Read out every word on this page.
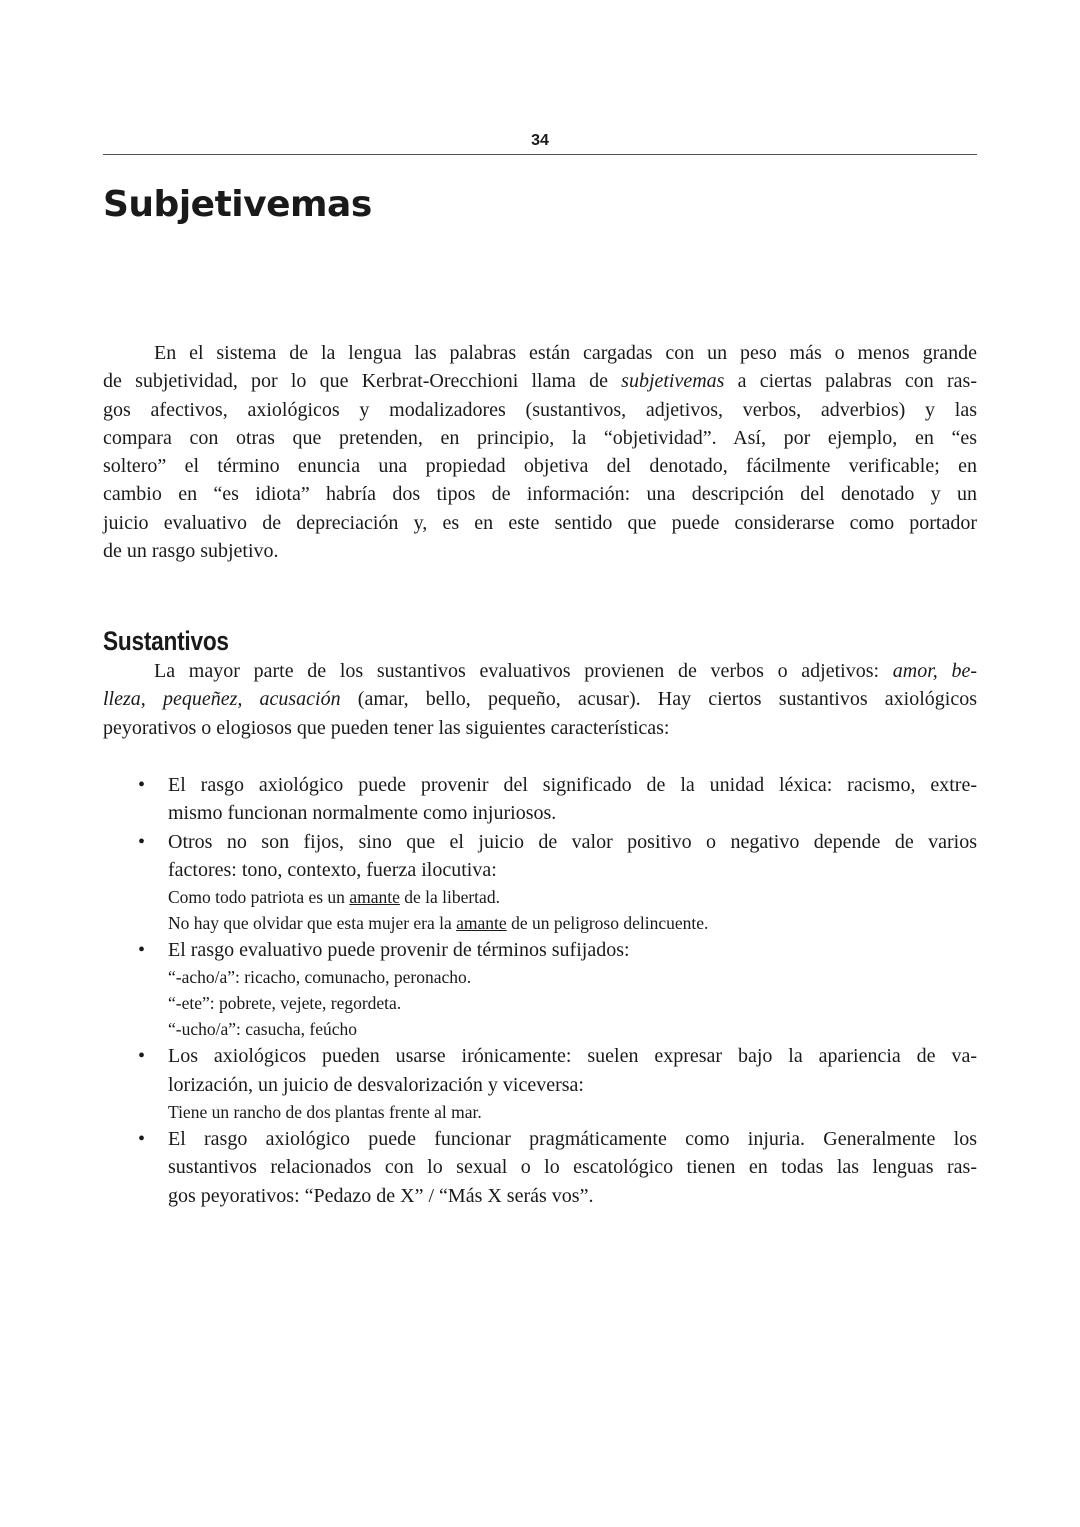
34
Subjetivemas
En el sistema de la lengua las palabras están cargadas con un peso más o menos grande
de subjetividad, por lo que Kerbrat-Orecchioni llama de subjetivemas a ciertas palabras con ras-
gos afectivos, axiológicos y modalizadores (sustantivos, adjetivos, verbos, adverbios) y las
compara con otras que pretenden, en principio, la “objetividad”. Así, por ejemplo, en “es
soltero” el término enuncia una propiedad objetiva del denotado, fácilmente verificable; en
cambio en “es idiota” habría dos tipos de información: una descripción del denotado y un
juicio evaluativo de depreciación y, es en este sentido que puede considerarse como portador
de un rasgo subjetivo.
Sustantivos
La mayor parte de los sustantivos evaluativos provienen de verbos o adjetivos: amor, be-
lleza, pequeñez, acusación (amar, bello, pequeño, acusar). Hay ciertos sustantivos axiológicos
peyorativos o elogiosos que pueden tener las siguientes características:
• El rasgo axiológico puede provenir del significado de la unidad léxica: racismo, extre-
mismo funcionan normalmente como injuriosos.
• Otros no son fijos, sino que el juicio de valor positivo o negativo depende de varios
factores: tono, contexto, fuerza ilocutiva:
Como todo patriota es un amante de la libertad.
No hay que olvidar que esta mujer era la amante de un peligroso delincuente.
• El rasgo evaluativo puede provenir de términos sufijados:
“-acho/a”: ricacho, comunacho, peronacho.
“-ete”: pobrete, vejete, regordeta.
“-ucho/a”: casucha, feúcho
• Los axiológicos pueden usarse irónicamente: suelen expresar bajo la apariencia de va-
lorización, un juicio de desvalorización y viceversa:
Tiene un rancho de dos plantas frente al mar.
• El rasgo axiológico puede funcionar pragmáticamente como injuria. Generalmente los
sustantivos relacionados con lo sexual o lo escatológico tienen en todas las lenguas ras-
gos peyorativos: “Pedazo de X” / “Más X serás vos”.
